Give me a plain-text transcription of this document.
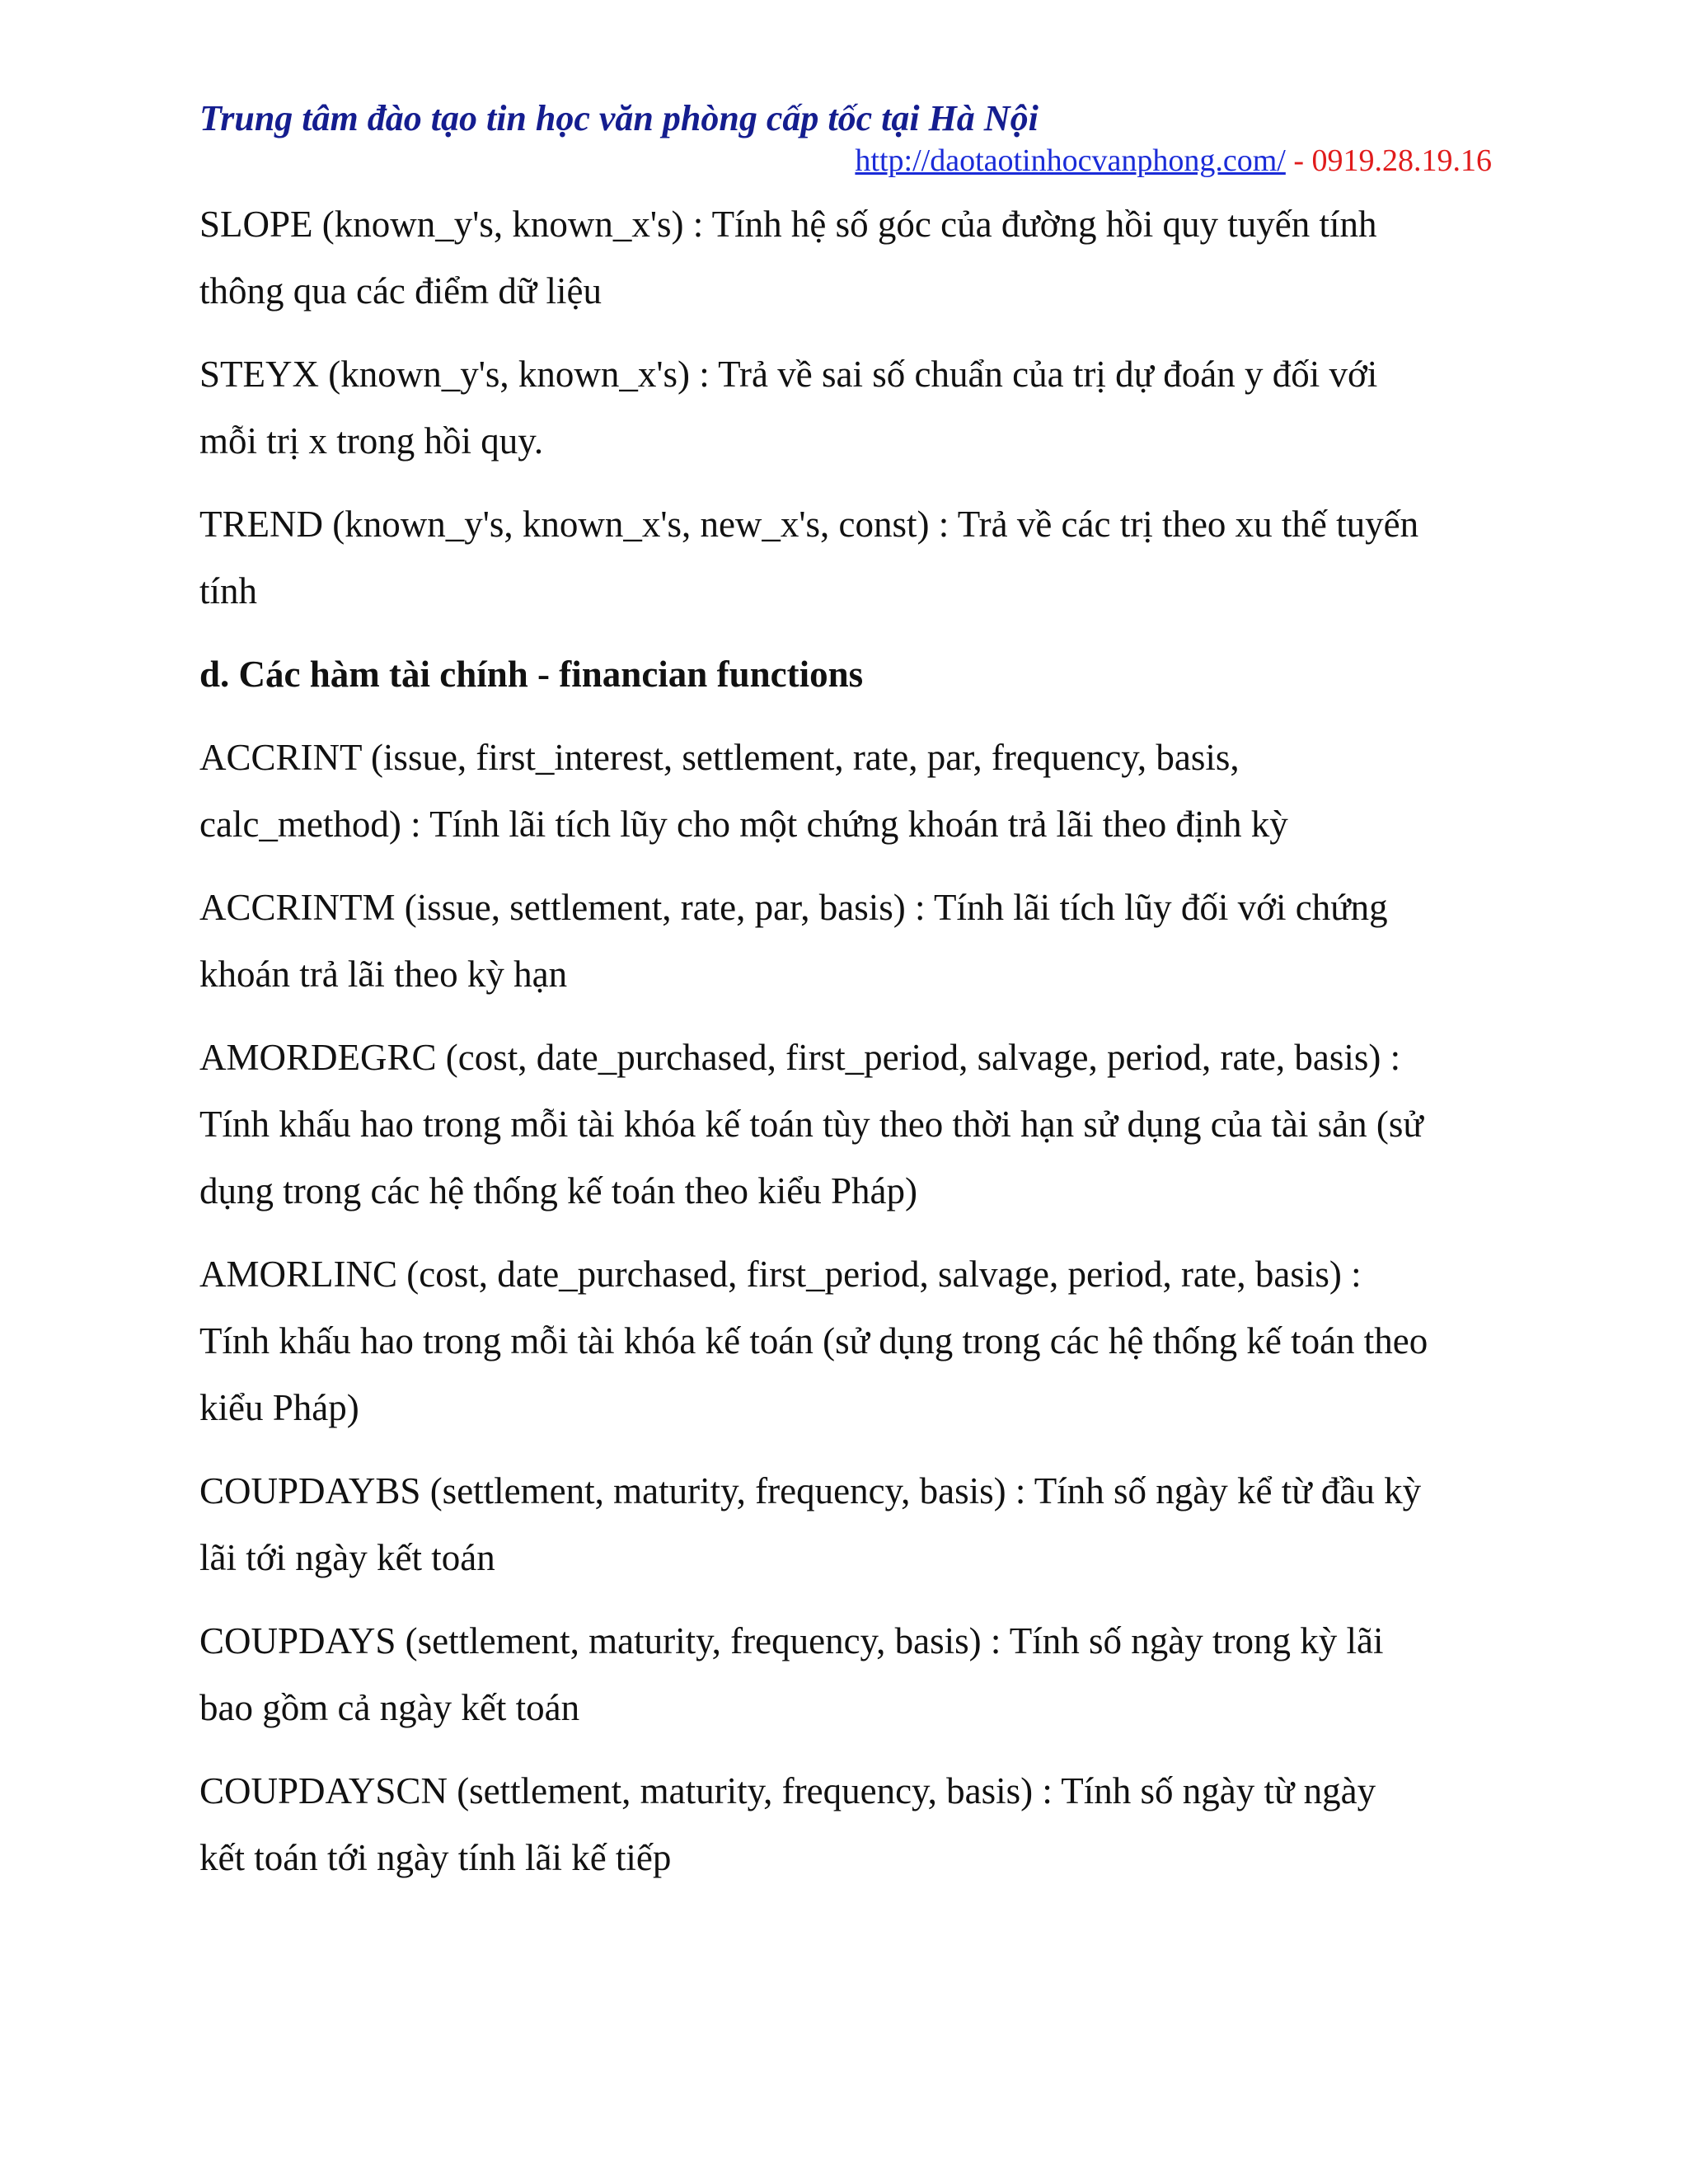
Trung tâm đào tạo tin học văn phòng cấp tốc tại Hà Nội
http://daotaotinhocvanphong.com/ - 0919.28.19.16
SLOPE (known_y's, known_x's) : Tính hệ số góc của đường hồi quy tuyến tính
thông qua các điểm dữ liệu
STEYX (known_y's, known_x's) : Trả về sai số chuẩn của trị dự đoán y đối với
mỗi trị x trong hồi quy.
TREND (known_y's, known_x's, new_x's, const) : Trả về các trị theo xu thế tuyến
tính
d. Các hàm tài chính - financian functions
ACCRINT (issue, first_interest, settlement, rate, par, frequency, basis,
calc_method) : Tính lãi tích lũy cho một chứng khoán trả lãi theo định kỳ
ACCRINTM (issue, settlement, rate, par, basis) : Tính lãi tích lũy đối với chứng
khoán trả lãi theo kỳ hạn
AMORDEGRC (cost, date_purchased, first_period, salvage, period, rate, basis) :
Tính khấu hao trong mỗi tài khóa kế toán tùy theo thời hạn sử dụng của tài sản (sử
dụng trong các hệ thống kế toán theo kiểu Pháp)
AMORLINC (cost, date_purchased, first_period, salvage, period, rate, basis) :
Tính khấu hao trong mỗi tài khóa kế toán (sử dụng trong các hệ thống kế toán theo
kiểu Pháp)
COUPDAYBS (settlement, maturity, frequency, basis) : Tính số ngày kể từ đầu kỳ
lãi tới ngày kết toán
COUPDAYS (settlement, maturity, frequency, basis) : Tính số ngày trong kỳ lãi
bao gồm cả ngày kết toán
COUPDAYSCN (settlement, maturity, frequency, basis) : Tính số ngày từ ngày
kết toán tới ngày tính lãi kế tiếp
